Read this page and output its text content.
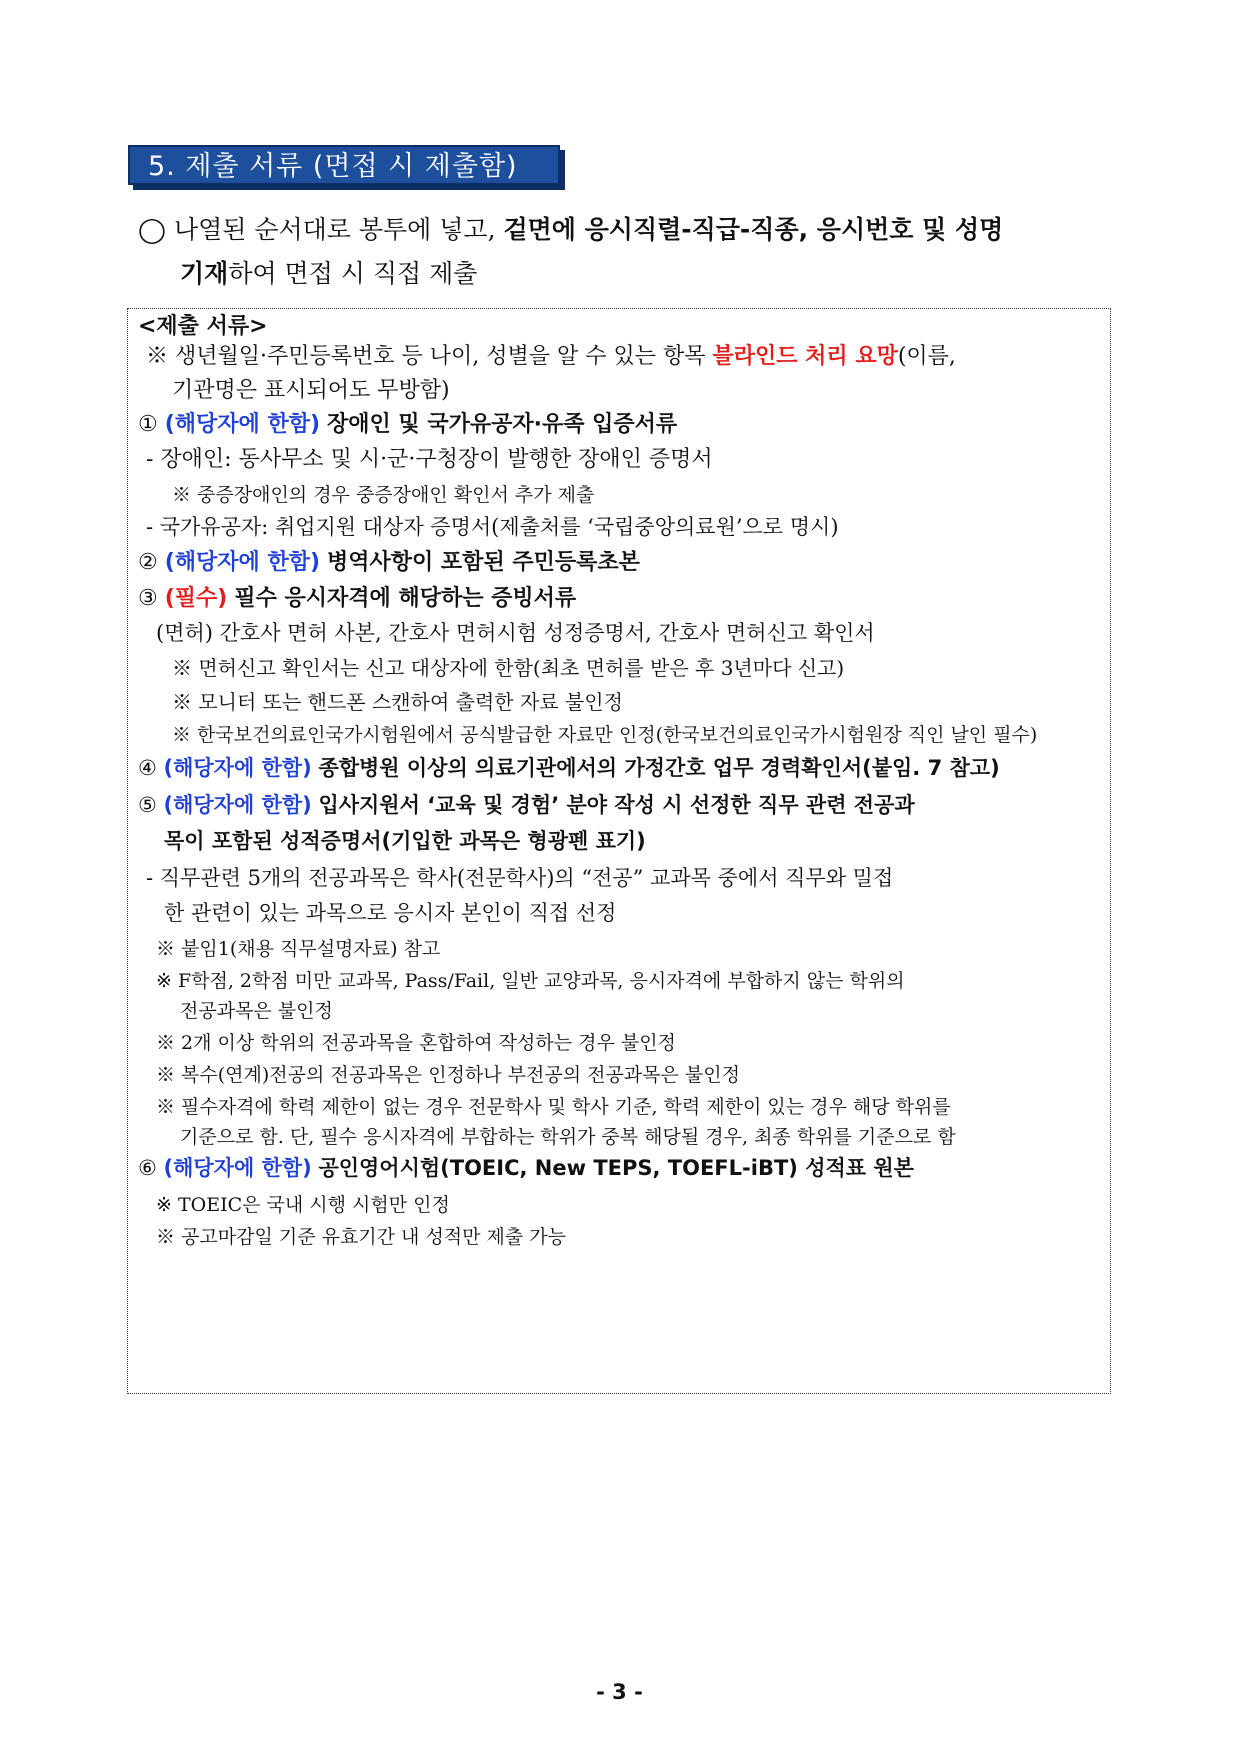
5. 제출 서류 (면접 시 제출함)
◯ 나열된 순서대로 봉투에 넣고, 겉면에 응시직렬-직급-직종, 응시번호 및 성명
기재하여 면접 시 직접 제출
<제출 서류>
※ 생년월일·주민등록번호 등 나이, 성별을 알 수 있는 항목 블라인드 처리 요망(이름,
기관명은 표시되어도 무방함)
① (해당자에 한함) 장애인 및 국가유공자·유족 입증서류
- 장애인: 동사무소 및 시·군·구청장이 발행한 장애인 증명서
※ 중증장애인의 경우 중증장애인 확인서 추가 제출
- 국가유공자: 취업지원 대상자 증명서(제출처를 ‘국립중앙의료원’으로 명시)
② (해당자에 한함) 병역사항이 포함된 주민등록초본
③ (필수) 필수 응시자격에 해당하는 증빙서류
(면허) 간호사 면허 사본, 간호사 면허시험 성정증명서, 간호사 면허신고 확인서
※ 면허신고 확인서는 신고 대상자에 한함(최초 면허를 받은 후 3년마다 신고)
※ 모니터 또는 핸드폰 스캔하여 출력한 자료 불인정
※ 한국보건의료인국가시험원에서 공식발급한 자료만 인정(한국보건의료인국가시험원장 직인 날인 필수)
④ (해당자에 한함) 종합병원 이상의 의료기관에서의 가정간호 업무 경력확인서(붙임. 7 참고)
⑤ (해당자에 한함) 입사지원서 ‘교육 및 경험’ 분야 작성 시 선정한 직무 관련 전공과
목이 포함된 성적증명서(기입한 과목은 형광펜 표기)
- 직무관련 5개의 전공과목은 학사(전문학사)의 “전공” 교과목 중에서 직무와 밀접
한 관련이 있는 과목으로 응시자 본인이 직접 선정
※ 붙임1(채용 직무설명자료) 참고
※ F학점, 2학점 미만 교과목, Pass/Fail, 일반 교양과목, 응시자격에 부합하지 않는 학위의
전공과목은 불인정
※ 2개 이상 학위의 전공과목을 혼합하여 작성하는 경우 불인정
※ 복수(연계)전공의 전공과목은 인정하나 부전공의 전공과목은 불인정
※ 필수자격에 학력 제한이 없는 경우 전문학사 및 학사 기준, 학력 제한이 있는 경우 해당 학위를
기준으로 함. 단, 필수 응시자격에 부합하는 학위가 중복 해당될 경우, 최종 학위를 기준으로 함
⑥ (해당자에 한함) 공인영어시험(TOEIC, New TEPS, TOEFL-iBT) 성적표 원본
※ TOEIC은 국내 시행 시험만 인정
※ 공고마감일 기준 유효기간 내 성적만 제출 가능
- 3 -
